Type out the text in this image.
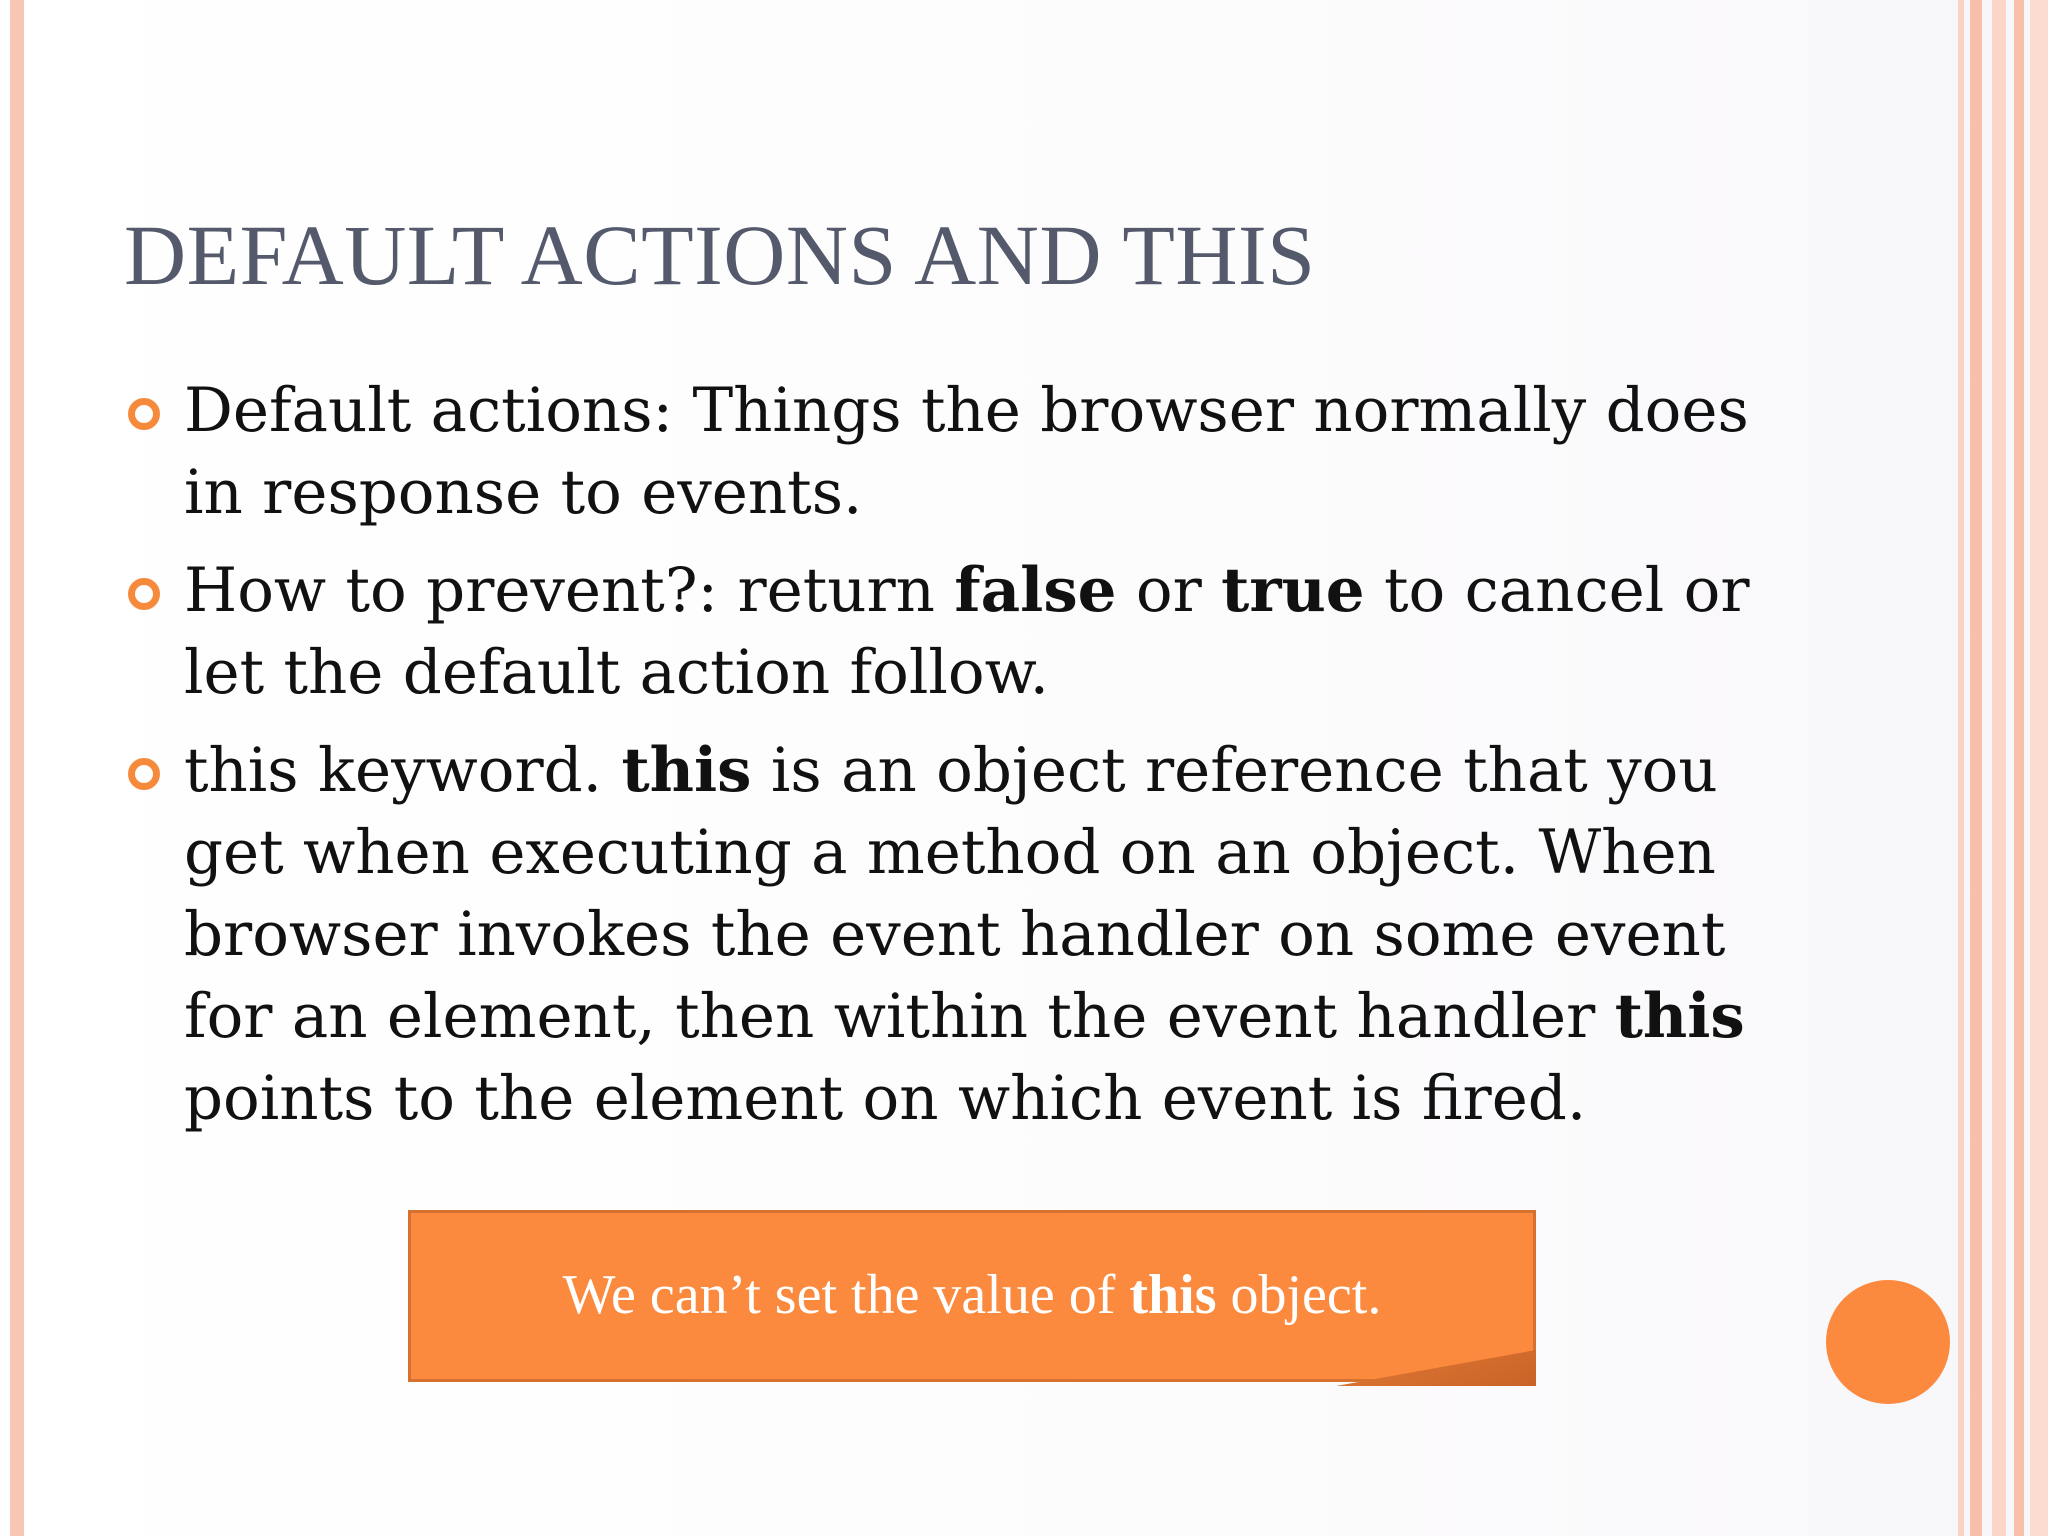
DEFAULT ACTIONS AND THIS
Default actions: Things the browser normally does in response to events.
How to prevent?: return false or true to cancel or let the default action follow.
this keyword. this is an object reference that you get when executing a method on an object. When browser invokes the event handler on some event for an element, then within the event handler this points to the element on which event is fired.
We can’t set the value of this object.
